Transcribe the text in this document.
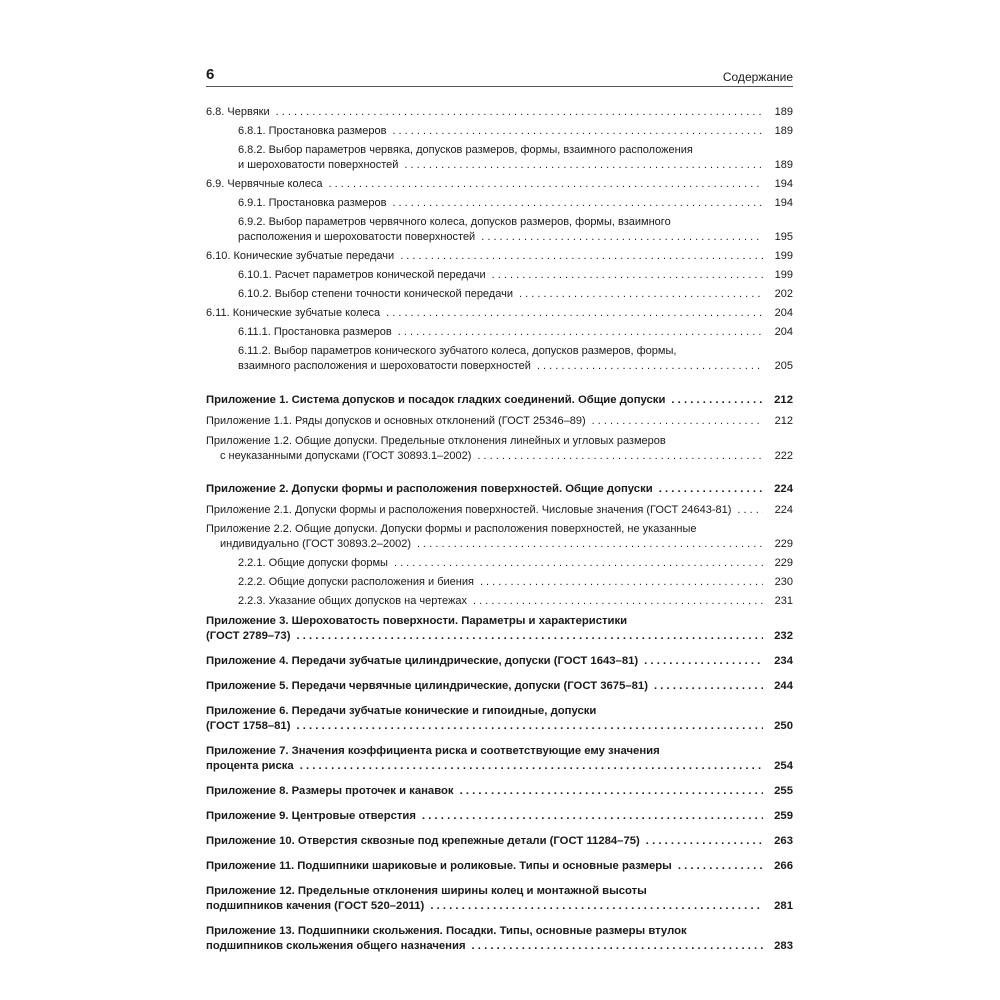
6	Содержание
6.8. Червяки . . .	189
6.8.1. Простановка размеров . . .	189
6.8.2. Выбор параметров червяка, допусков размеров, формы, взаимного расположения
и шероховатости поверхностей . . .	189
6.9. Червячные колеса . . .	194
6.9.1. Простановка размеров . . .	194
6.9.2. Выбор параметров червячного колеса, допусков размеров, формы, взаимного
расположения и шероховатости поверхностей . . .	195
6.10. Конические зубчатые передачи . . .	199
6.10.1. Расчет параметров конической передачи . . .	199
6.10.2. Выбор степени точности конической передачи . . .	202
6.11. Конические зубчатые колеса . . .	204
6.11.1. Простановка размеров . . .	204
6.11.2. Выбор параметров конического зубчатого колеса, допусков размеров, формы,
взаимного расположения и шероховатости поверхностей . . .	205
Приложение 1. Система допусков и посадок гладких соединений. Общие допуски . . .	212
Приложение 1.1. Ряды допусков и основных отклонений (ГОСТ 25346–89) . . .	212
Приложение 1.2. Общие допуски. Предельные отклонения линейных и угловых размеров
с неуказанными допусками (ГОСТ 30893.1–2002) . . .	222
Приложение 2. Допуски формы и расположения поверхностей. Общие допуски . . .	224
Приложение 2.1. Допуски формы и расположения поверхностей. Числовые значения (ГОСТ 24643-81) . . .	224
Приложение 2.2. Общие допуски. Допуски формы и расположения поверхностей, не указанные
индивидуально (ГОСТ 30893.2–2002) . . .	229
2.2.1. Общие допуски формы . . .	229
2.2.2. Общие допуски расположения и биения . . .	230
2.2.3. Указание общих допусков на чертежах . . .	231
Приложение 3. Шероховатость поверхности. Параметры и характеристики
(ГОСТ 2789–73) . . .	232
Приложение 4. Передачи зубчатые цилиндрические, допуски (ГОСТ 1643–81) . . .	234
Приложение 5. Передачи червячные цилиндрические, допуски (ГОСТ 3675–81) . . .	244
Приложение 6. Передачи зубчатые конические и гипоидные, допуски
(ГОСТ 1758–81) . . .	250
Приложение 7. Значения коэффициента риска и соответствующие ему значения
процента риска . . .	254
Приложение 8. Размеры проточек и канавок . . .	255
Приложение 9. Центровые отверстия . . .	259
Приложение 10. Отверстия сквозные под крепежные детали (ГОСТ 11284–75) . . .	263
Приложение 11. Подшипники шариковые и роликовые. Типы и основные размеры . . .	266
Приложение 12. Предельные отклонения ширины колец и монтажной высоты
подшипников качения (ГОСТ 520–2011) . . .	281
Приложение 13. Подшипники скольжения. Посадки. Типы, основные размеры втулок
подшипников скольжения общего назначения . . .	283
